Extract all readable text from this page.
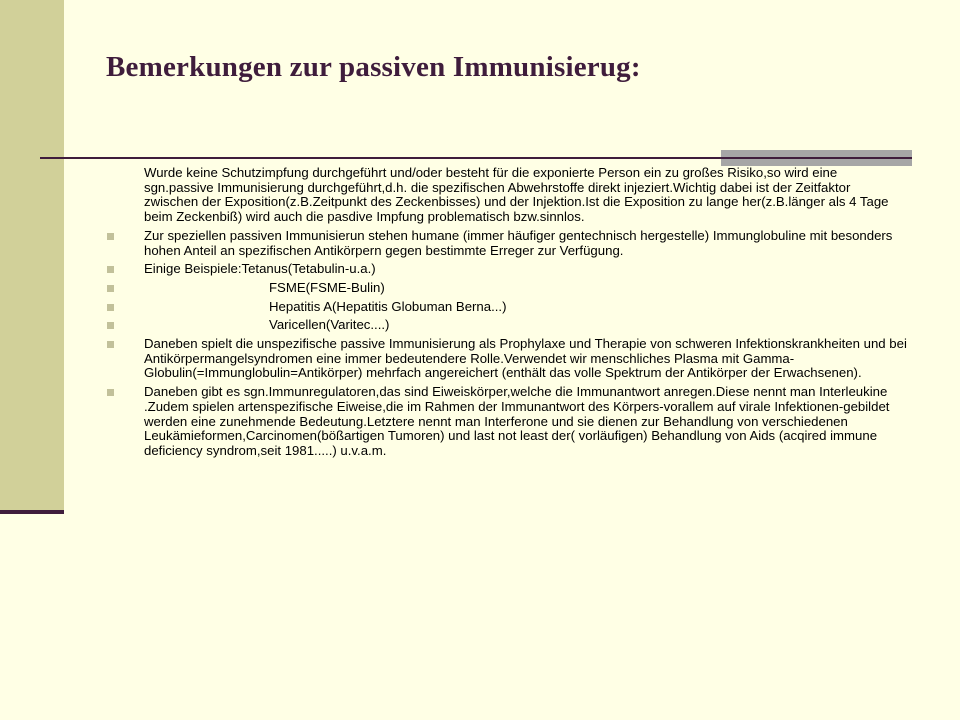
Bemerkungen zur passiven Immunisierug:
Wurde keine Schutzimpfung durchgeführt und/oder besteht für die exponierte Person ein zu großes Risiko,so wird eine sgn.passive Immunisierung durchgeführt,d.h. die spezifischen Abwehrstoffe direkt injeziert.Wichtig dabei ist der Zeitfaktor zwischen der Exposition(z.B.Zeitpunkt des Zeckenbisses) und der Injektion.Ist die Exposition zu lange her(z.B.länger als 4 Tage beim Zeckenbiß) wird auch die pasdive Impfung problematisch bzw.sinnlos.
Zur speziellen passiven Immunisierun stehen humane (immer häufiger gentechnisch hergestelle) Immunglobuline mit besonders hohen Anteil an spezifischen Antikörpern gegen bestimmte Erreger zur Verfügung.
Einige Beispiele:Tetanus(Tetabulin-u.a.)
FSME(FSME-Bulin)
Hepatitis A(Hepatitis Globuman Berna...)
Varicellen(Varitec....)
Daneben spielt die unspezifische passive Immunisierung als Prophylaxe und Therapie von schweren Infektionskrankheiten und bei Antikörpermangelsyndromen eine immer bedeutendere Rolle.Verwendet wir menschliches Plasma mit Gamma-Globulin(=Immunglobulin=Antikörper) mehrfach angereichert (enthält das volle Spektrum der Antikörper der Erwachsenen).
Daneben gibt es sgn.Immunregulatoren,das sind Eiweiskörper,welche die Immunantwort anregen.Diese nennt man Interleukine .Zudem spielen artenspezifische Eiweise,die im Rahmen der Immunantwort des Körpers-vorallem auf virale Infektionen-gebildet werden eine zunehmende Bedeutung.Letztere nennt man Interferone und sie dienen zur Behandlung von verschiedenen Leukämieformen,Carcinomen(bößartigen Tumoren) und last not least der( vorläufigen) Behandlung von Aids (acqired immune deficiency syndrom,seit 1981.....) u.v.a.m.
